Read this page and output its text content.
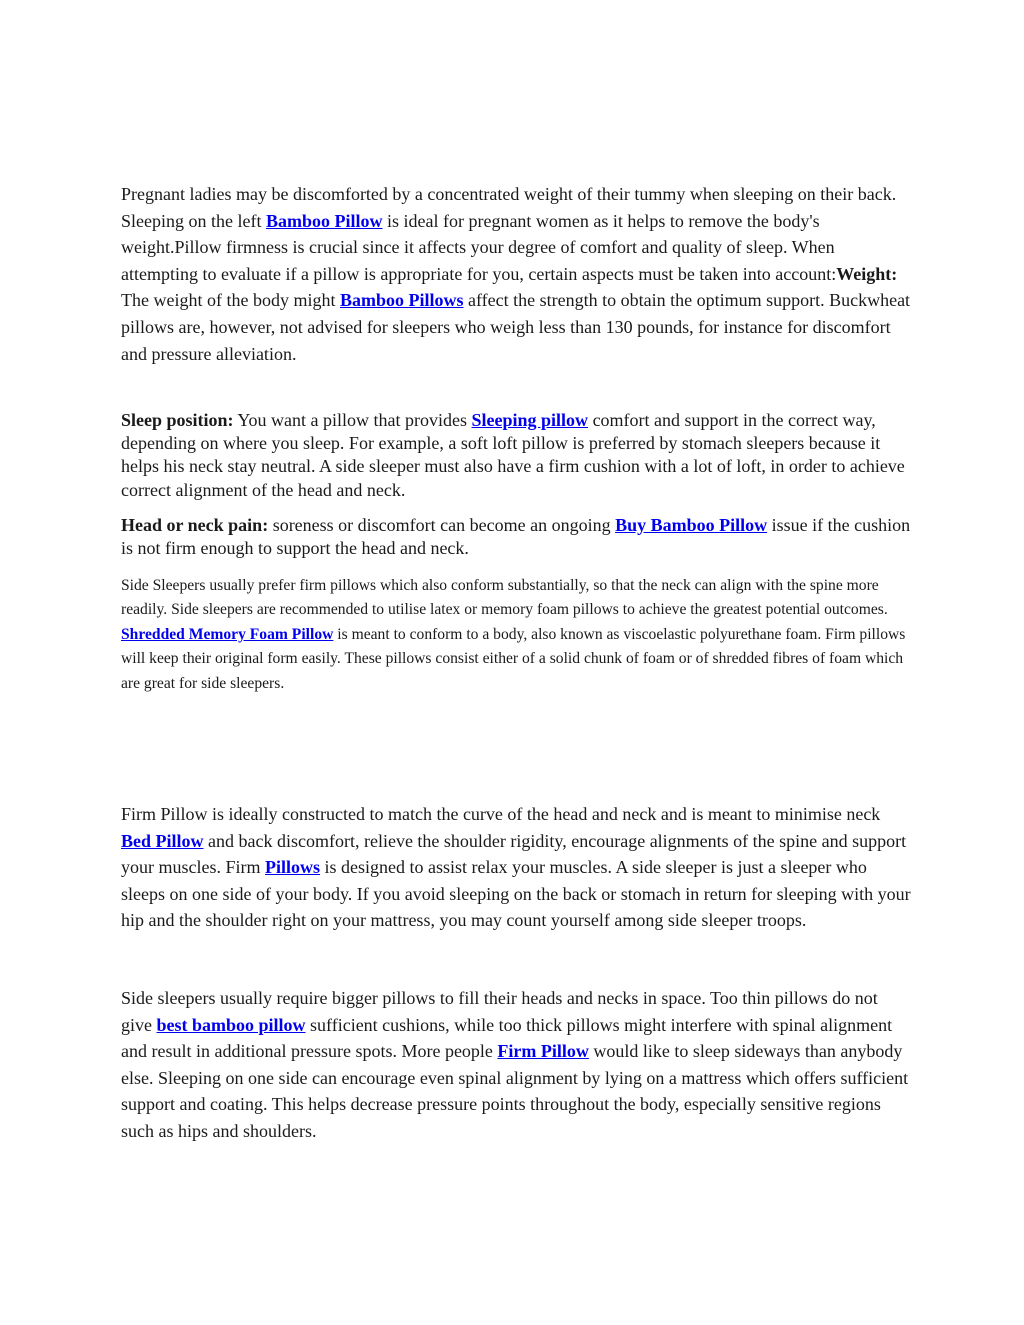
Pregnant ladies may be discomforted by a concentrated weight of their tummy when sleeping on their back. Sleeping on the left Bamboo Pillow is ideal for pregnant women as it helps to remove the body's weight.Pillow firmness is crucial since it affects your degree of comfort and quality of sleep. When attempting to evaluate if a pillow is appropriate for you, certain aspects must be taken into account:Weight: The weight of the body might Bamboo Pillows affect the strength to obtain the optimum support. Buckwheat pillows are, however, not advised for sleepers who weigh less than 130 pounds, for instance for discomfort and pressure alleviation.

Sleep position: You want a pillow that provides Sleeping pillow comfort and support in the correct way, depending on where you sleep. For example, a soft loft pillow is preferred by stomach sleepers because it helps his neck stay neutral. A side sleeper must also have a firm cushion with a lot of loft, in order to achieve correct alignment of the head and neck.

Head or neck pain: soreness or discomfort can become an ongoing Buy Bamboo Pillow issue if the cushion is not firm enough to support the head and neck.

Side Sleepers usually prefer firm pillows which also conform substantially, so that the neck can align with the spine more readily. Side sleepers are recommended to utilise latex or memory foam pillows to achieve the greatest potential outcomes. Shredded Memory Foam Pillow is meant to conform to a body, also known as viscoelastic polyurethane foam. Firm pillows will keep their original form easily. These pillows consist either of a solid chunk of foam or of shredded fibres of foam which are great for side sleepers.

Firm Pillow is ideally constructed to match the curve of the head and neck and is meant to minimise neck Bed Pillow and back discomfort, relieve the shoulder rigidity, encourage alignments of the spine and support your muscles. Firm Pillows is designed to assist relax your muscles. A side sleeper is just a sleeper who sleeps on one side of your body. If you avoid sleeping on the back or stomach in return for sleeping with your hip and the shoulder right on your mattress, you may count yourself among side sleeper troops.

Side sleepers usually require bigger pillows to fill their heads and necks in space. Too thin pillows do not give best bamboo pillow sufficient cushions, while too thick pillows might interfere with spinal alignment and result in additional pressure spots. More people Firm Pillow would like to sleep sideways than anybody else. Sleeping on one side can encourage even spinal alignment by lying on a mattress which offers sufficient support and coating. This helps decrease pressure points throughout the body, especially sensitive regions such as hips and shoulders.
